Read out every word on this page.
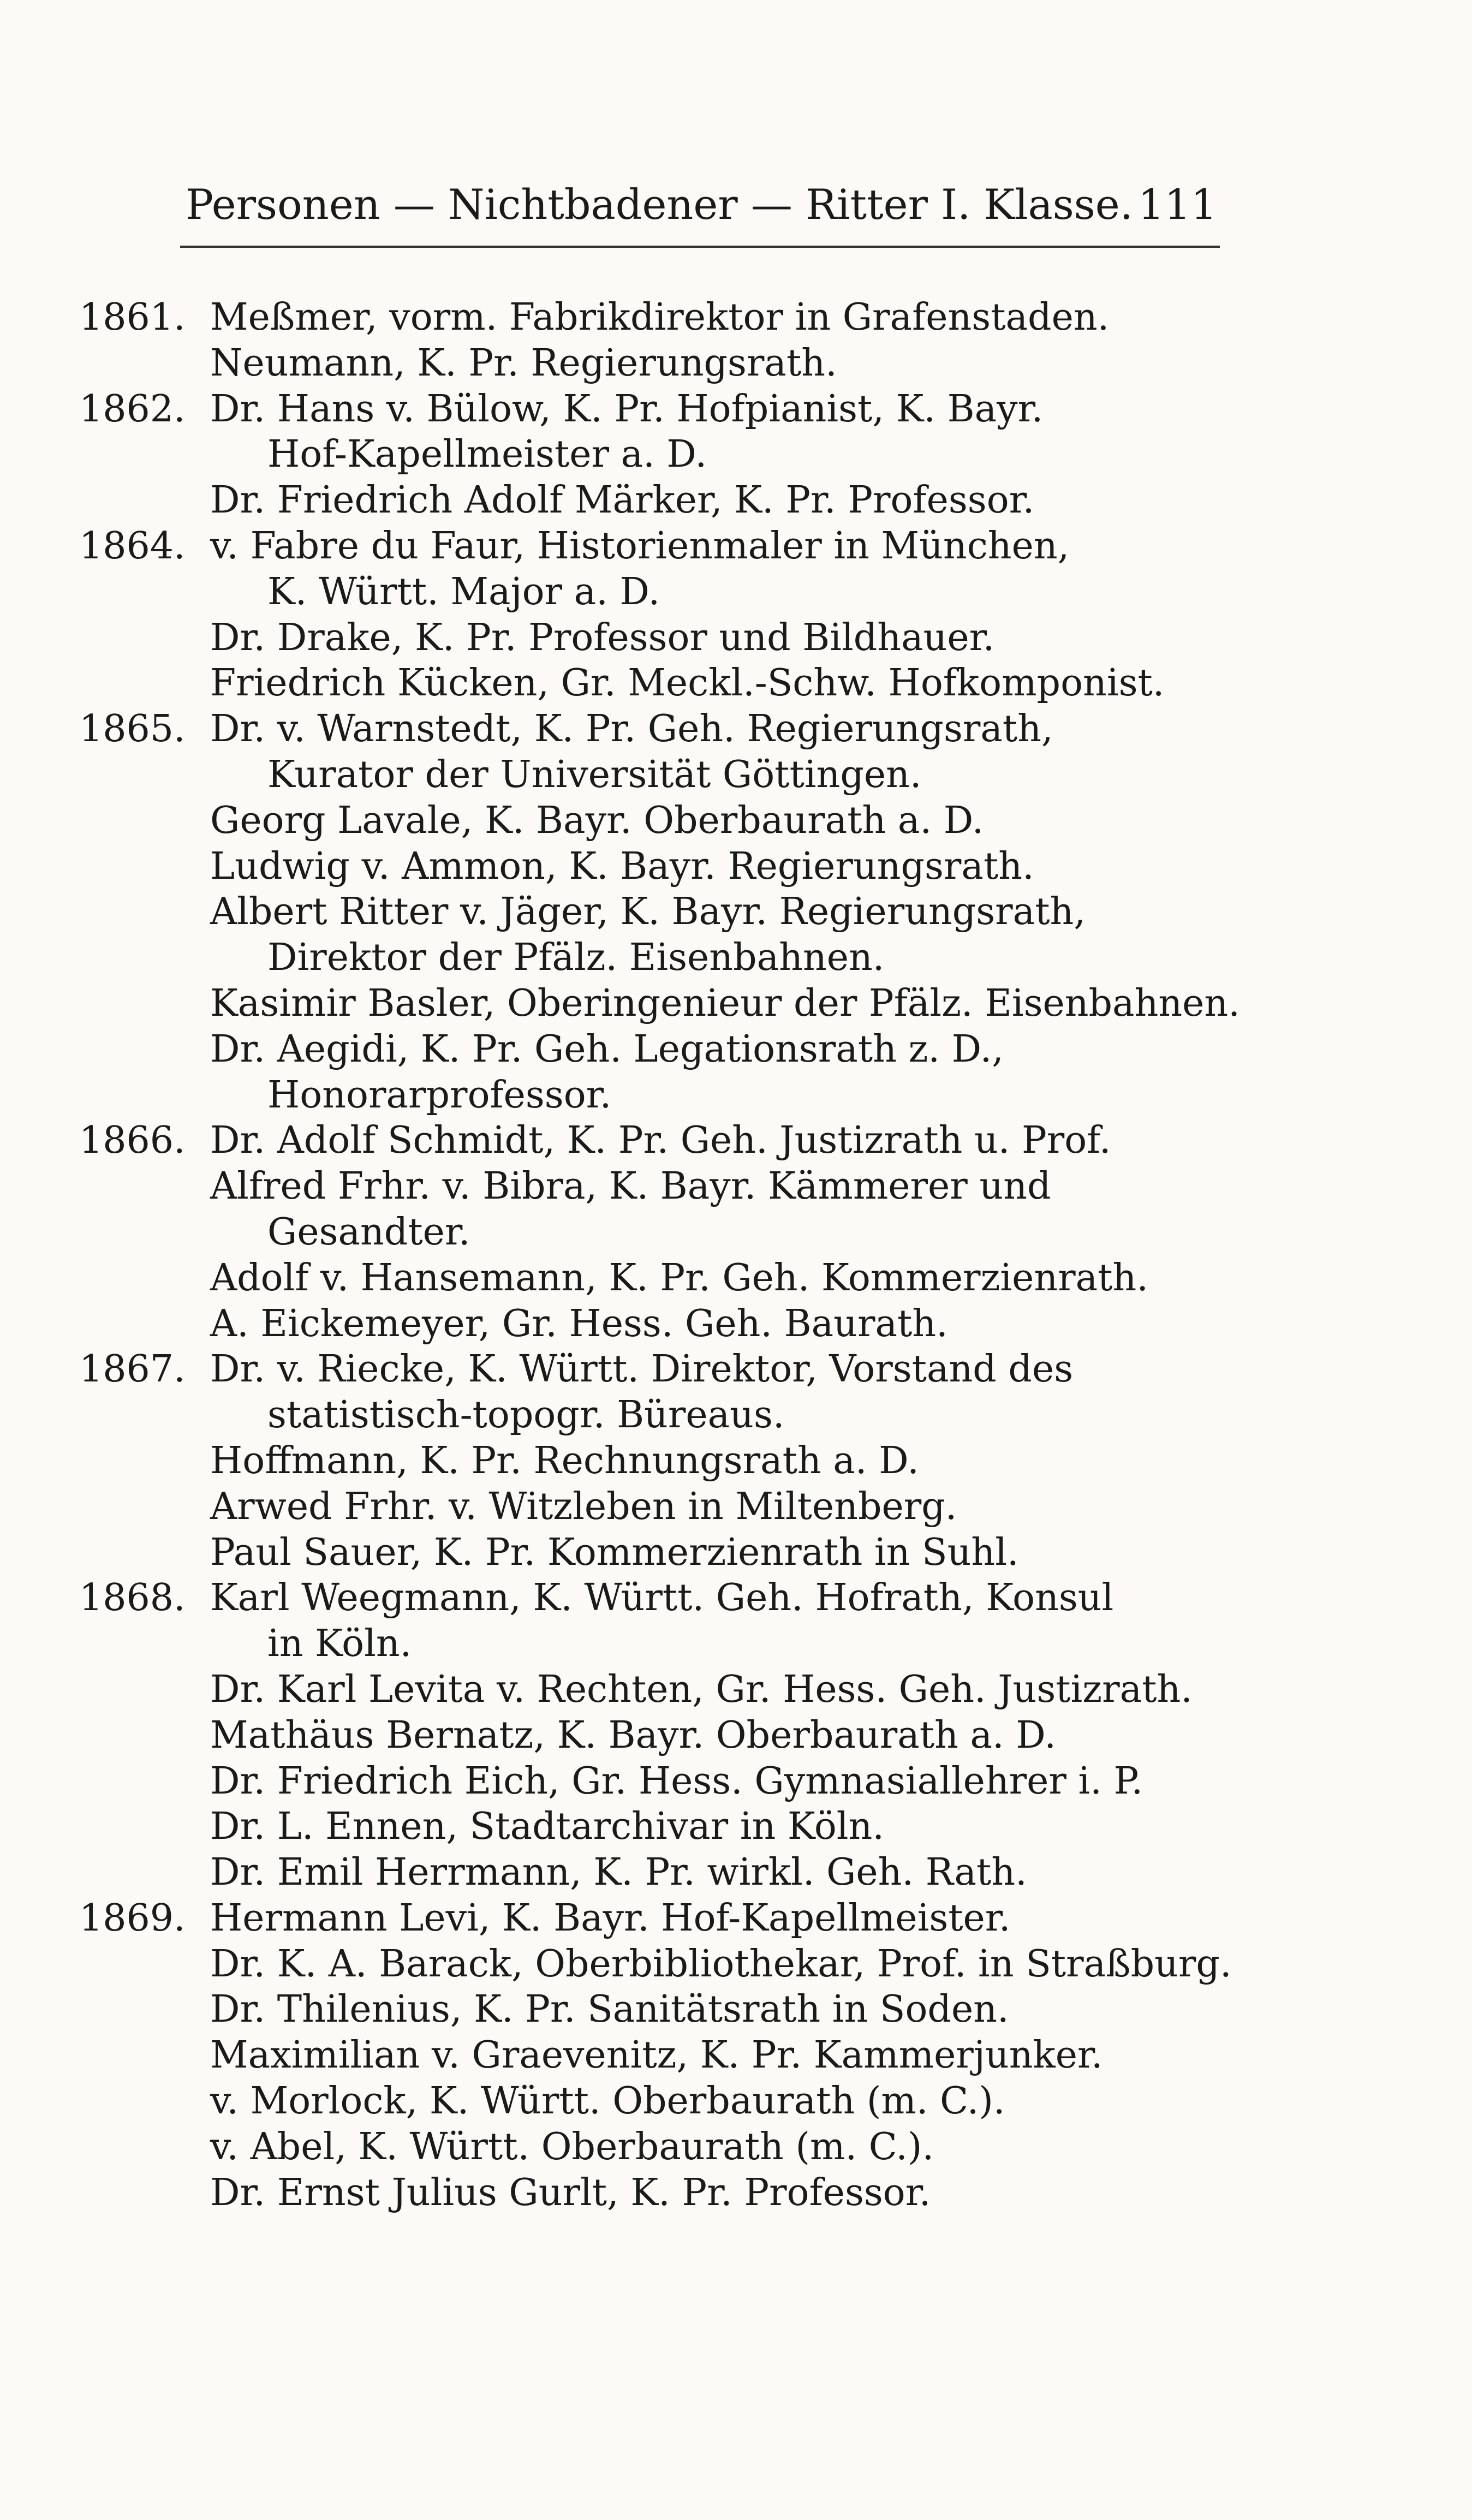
Personen — Nichtbadener — Ritter I. Klasse. 111
1861. Meßmer, vorm. Fabrikdirektor in Grafenstaden.
Neumann, K. Pr. Regierungsrath.
1862. Dr. Hans v. Bülow, K. Pr. Hofpianist, K. Bayr.
Hof-Kapellmeister a. D.
Dr. Friedrich Adolf Märker, K. Pr. Professor.
1864. v. Fabre du Faur, Historienmaler in München,
K. Württ. Major a. D.
Dr. Drake, K. Pr. Professor und Bildhauer.
Friedrich Kücken, Gr. Meckl.-Schw. Hofkomponist.
1865. Dr. v. Warnstedt, K. Pr. Geh. Regierungsrath,
Kurator der Universität Göttingen.
Georg Lavale, K. Bayr. Oberbaurath a. D.
Ludwig v. Ammon, K. Bayr. Regierungsrath.
Albert Ritter v. Jäger, K. Bayr. Regierungsrath,
Direktor der Pfälz. Eisenbahnen.
Kasimir Basler, Oberingenieur der Pfälz. Eisenbahnen.
Dr. Aegidi, K. Pr. Geh. Legationsrath z. D.,
Honorarprofessor.
1866. Dr. Adolf Schmidt, K. Pr. Geh. Justizrath u. Prof.
Alfred Frhr. v. Bibra, K. Bayr. Kämmerer und
Gesandter.
Adolf v. Hansemann, K. Pr. Geh. Kommerzienrath.
A. Eickemeyer, Gr. Hess. Geh. Baurath.
1867. Dr. v. Riecke, K. Württ. Direktor, Vorstand des
statistisch-topogr. Büreaus.
Hoffmann, K. Pr. Rechnungsrath a. D.
Arwed Frhr. v. Witzleben in Miltenberg.
Paul Sauer, K. Pr. Kommerzienrath in Suhl.
1868. Karl Weegmann, K. Württ. Geh. Hofrath, Konsul
in Köln.
Dr. Karl Levita v. Rechten, Gr. Hess. Geh. Justizrath.
Mathäus Bernatz, K. Bayr. Oberbaurath a. D.
Dr. Friedrich Eich, Gr. Hess. Gymnasiallehrer i. P.
Dr. L. Ennen, Stadtarchivar in Köln.
Dr. Emil Herrmann, K. Pr. wirkl. Geh. Rath.
1869. Hermann Levi, K. Bayr. Hof-Kapellmeister.
Dr. K. A. Barack, Oberbibliothekar, Prof. in Straßburg.
Dr. Thilenius, K. Pr. Sanitätsrath in Soden.
Maximilian v. Graevenitz, K. Pr. Kammerjunker.
v. Morlock, K. Württ. Oberbaurath (m. C.).
v. Abel, K. Württ. Oberbaurath (m. C.).
Dr. Ernst Julius Gurlt, K. Pr. Professor.
